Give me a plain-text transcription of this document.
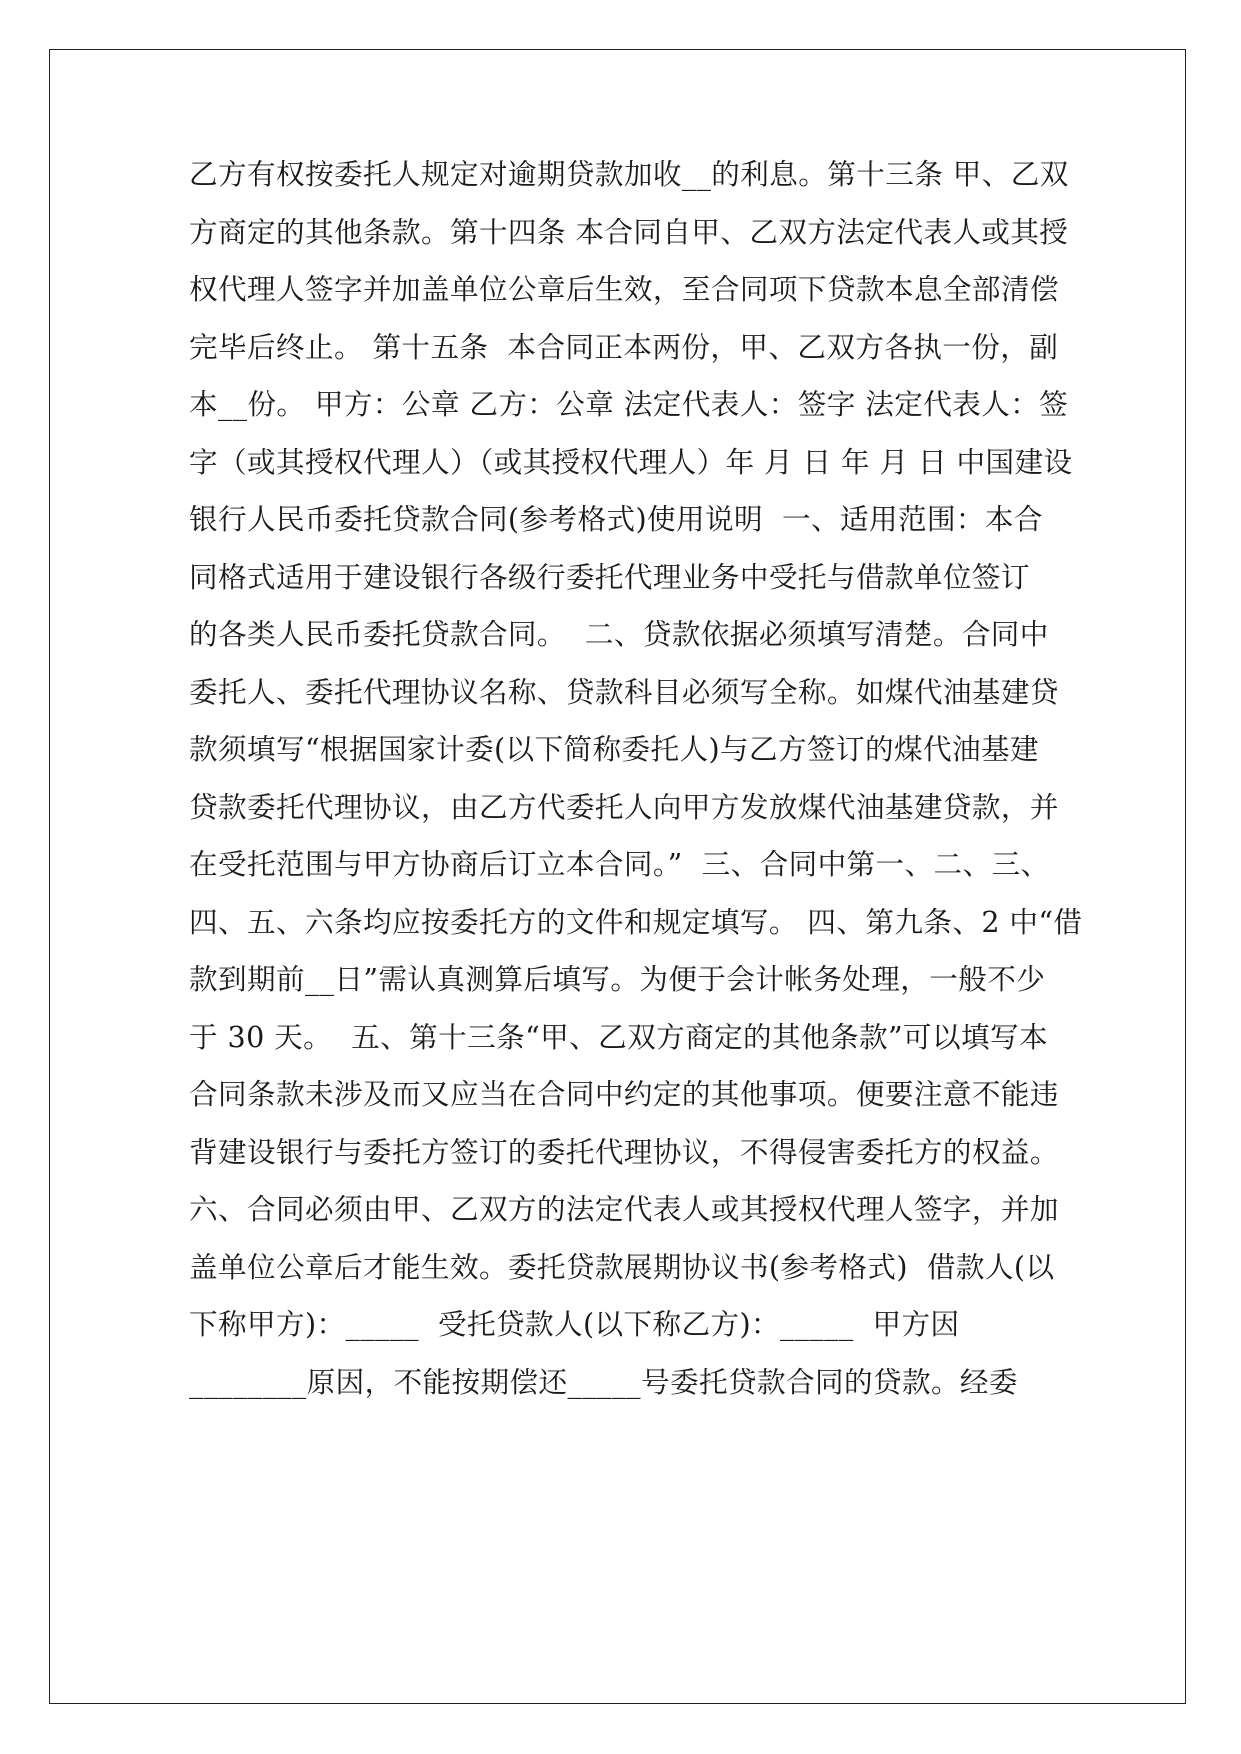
乙方有权按委托人规定对逾期贷款加收__的利息。第十三条 甲、乙双
方商定的其他条款。第十四条 本合同自甲、乙双方法定代表人或其授
权代理人签字并加盖单位公章后生效，至合同项下贷款本息全部清偿
完毕后终止。 第十五条  本合同正本两份，甲、乙双方各执一份，副
本__份。 甲方：公章 乙方：公章 法定代表人：签字 法定代表人：签
字（或其授权代理人）（或其授权代理人）年 月 日 年 月 日 中国建设
银行人民币委托贷款合同(参考格式)使用说明  一、适用范围：本合
同格式适用于建设银行各级行委托代理业务中受托与借款单位签订
的各类人民币委托贷款合同。  二、贷款依据必须填写清楚。合同中
委托人、委托代理协议名称、贷款科目必须写全称。如煤代油基建贷
款须填写“根据国家计委(以下简称委托人)与乙方签订的煤代油基建
贷款委托代理协议，由乙方代委托人向甲方发放煤代油基建贷款，并
在受托范围与甲方协商后订立本合同。”  三、合同中第一、二、三、
四、五、六条均应按委托方的文件和规定填写。 四、第九条、2 中“借
款到期前__日”需认真测算后填写。为便于会计帐务处理，一般不少
于 30 天。  五、第十三条“甲、乙双方商定的其他条款”可以填写本
合同条款未涉及而又应当在合同中约定的其他事项。便要注意不能违
背建设银行与委托方签订的委托代理协议，不得侵害委托方的权益。
六、合同必须由甲、乙双方的法定代表人或其授权代理人签字，并加
盖单位公章后才能生效。委托贷款展期协议书(参考格式)  借款人(以
下称甲方)：_____  受托贷款人(以下称乙方)：_____  甲方因
________原因，不能按期偿还_____号委托贷款合同的贷款。经委
